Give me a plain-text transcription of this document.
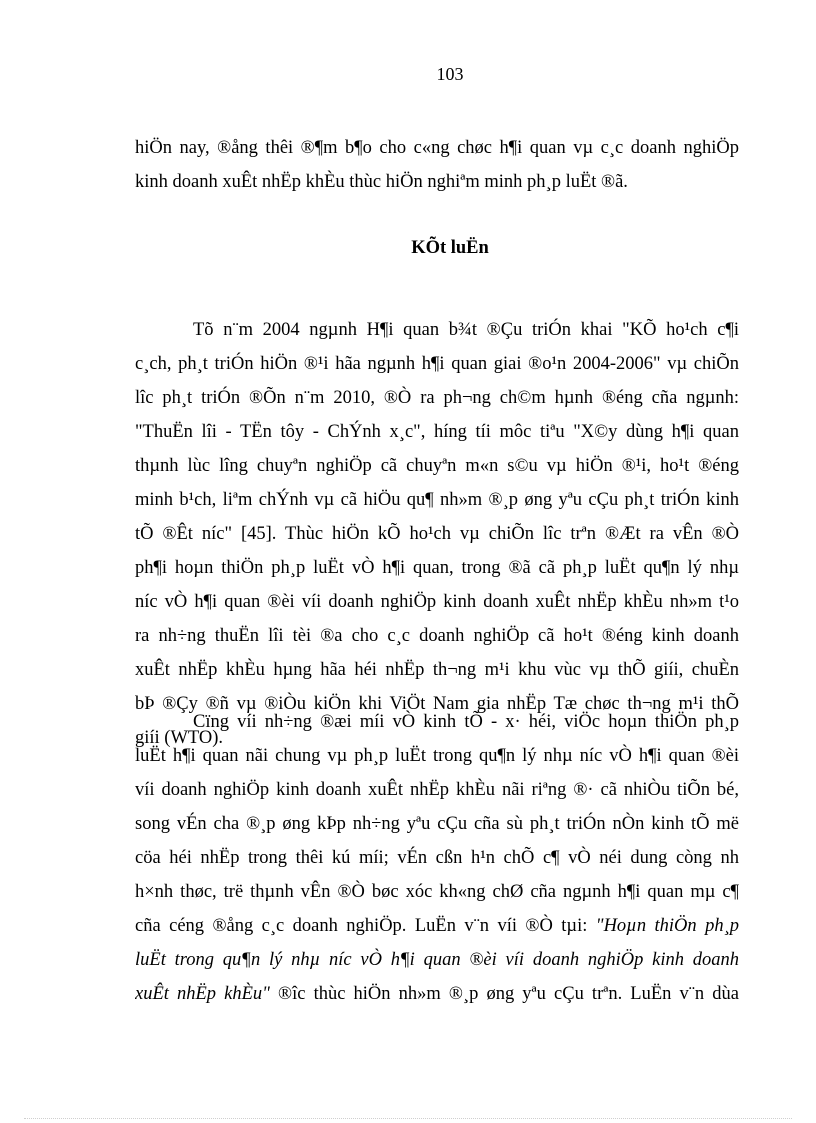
103
hiÖn nay, ®ång thêi ®¶m b¶o cho c«ng chøc h¶i quan vµ c¸c doanh nghiÖp
kinh doanh xuÊt nhËp khÈu thùc hiÖn nghiªm minh ph¸p luËt ®ã.
KÕt luËn
Tõ n¨m 2004 ngµnh H¶i quan b¾t ®Çu triÓn khai "KÕ ho¹ch c¶i
c¸ch, ph¸t triÓn hiÖn ®¹i hãa ngµnh h¶i quan giai ®o¹n 2004-2006" vµ chiÕn
lîc ph¸t triÓn ®Õn n¨m 2010, ®Ò ra ph¬ng ch©m hµnh ®éng cña ngµnh:
"ThuËn lîi - TËn tôy - ChÝnh x¸c", híng tíi môc tiªu "X©y dùng h¶i quan
thµnh lùc lîng chuyªn nghiÖp cã chuyªn m«n s©u vµ hiÖn ®¹i, ho¹t ®éng
minh b¹ch, liªm chÝnh vµ cã hiÖu qu¶ nh»m ®¸p øng yªu cÇu ph¸t triÓn kinh
tÕ ®Êt níc" [45]. Thùc hiÖn kÕ ho¹ch vµ chiÕn lîc trªn ®Æt ra vÊn ®Ò
ph¶i hoµn thiÖn ph¸p luËt vÒ h¶i quan, trong ®ã cã ph¸p luËt qu¶n lý nhµ
níc vÒ h¶i quan ®èi víi doanh nghiÖp kinh doanh xuÊt nhËp khÈu nh»m t¹o
ra nh÷ng thuËn lîi tèi ®a cho c¸c doanh nghiÖp cã ho¹t ®éng kinh doanh
xuÊt nhËp khÈu hµng hãa héi nhËp th¬ng m¹i khu vùc vµ thÕ giíi, chuÈn
bÞ ®Çy ®ñ vµ ®iÒu kiÖn khi ViÖt Nam gia nhËp Tæ chøc th¬ng m¹i thÕ
giíi (WTO).
Cïng víi nh÷ng ®æi míi vÒ kinh tÕ - x· héi, viÖc hoµn thiÖn ph¸p
luËt h¶i quan nãi chung vµ ph¸p luËt trong qu¶n lý nhµ níc vÒ h¶i quan ®èi
víi doanh nghiÖp kinh doanh xuÊt nhËp khÈu nãi riªng ®· cã nhiÒu tiÕn bé,
song vÉn cha ®¸p øng kÞp nh÷ng yªu cÇu cña sù ph¸t triÓn nÒn kinh tÕ më
cöa héi nhËp trong thêi kú míi; vÉn cßn h¹n chÕ c¶ vÒ néi dung còng nh
h×nh thøc, trë thµnh vÊn ®Ò bøc xóc kh«ng chØ cña ngµnh h¶i quan mµ c¶
cña céng ®ång c¸c doanh nghiÖp. LuËn v¨n víi ®Ò tµi: "Hoµn thiÖn ph¸p
luËt trong qu¶n lý nhµ níc vÒ h¶i quan ®èi víi doanh nghiÖp kinh doanh
xuÊt nhËp khÈu" ®îc thùc hiÖn nh»m ®¸p øng yªu cÇu trªn. LuËn v¨n dùa
